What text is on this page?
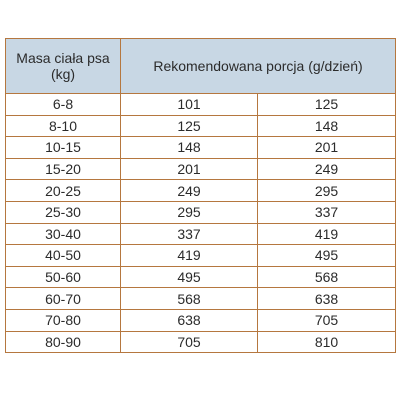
Masa ciała psa (kg)	Rekomendowana porcja (g/dzień)	
6-8	101	125
8-10	125	148
10-15	148	201
15-20	201	249
20-25	249	295
25-30	295	337
30-40	337	419
40-50	419	495
50-60	495	568
60-70	568	638
70-80	638	705
80-90	705	810
